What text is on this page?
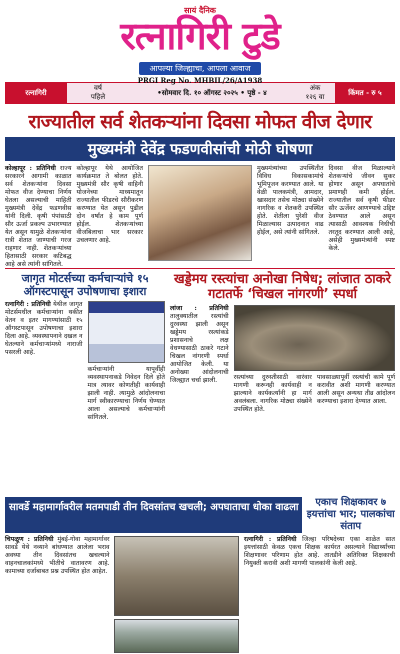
सायं दैनिक
रत्नागिरी टुडे
आपल्या जिल्ह्याचा, आपला आवाज
PRGI Reg No. MHBIL/26/A1938
रत्नागिरी	वर्ष
पहिले	•सोमवार दि. १० ऑगस्ट २०२५ • पृष्ठे - ४	अंक
१२६ वा	किंमत - रु ५
राज्यातील सर्व शेतकऱ्यांना दिवसा मोफत वीज देणार
मुख्यमंत्री देवेंद्र फडणवीसांची मोठी घोषणा
कोल्हापूर : प्रतिनिधी राज्य सरकारने आगामी काळात सर्व शेतकऱ्यांना दिवसा मोफत वीज देण्याचा निर्णय घेतला असल्याची माहिती मुख्यमंत्री देवेंद्र फडणवीस यांनी दिली. कृषी पंपांसाठी सौर ऊर्जा प्रकल्प उभारण्यात येत असून यामुळे शेतकऱ्यांना रात्री शेतात जाण्याची गरज राहणार नाही. शेतकऱ्यांच्या हितासाठी सरकार कटिबद्ध आहे असे त्यांनी सांगितले.
कोल्हापूर येथे आयोजित कार्यक्रमात ते बोलत होते. मुख्यमंत्री सौर कृषी वाहिनी योजनेच्या माध्यमातून राज्यातील फीडरचे सौरीकरण करण्यात येत असून पुढील दोन वर्षांत हे काम पूर्ण होईल. शेतकऱ्यांच्या वीजबिलाचा भार सरकार उचलणार आहे.
मुख्यमंत्र्यांच्या उपस्थितीत विविध विकासकामांचे भूमिपूजन करण्यात आले. या वेळी पालकमंत्री, आमदार, खासदार तसेच मोठ्या संख्येने नागरिक व शेतकरी उपस्थित होते. शेतीला पुरेशी वीज मिळाल्यास उत्पादनात वाढ होईल, असे त्यांनी सांगितले.
दिवसा वीज मिळाल्याने शेतकऱ्यांचे जीवन सुकर होणार असून अपघातांचे प्रमाणही कमी होईल. राज्यातील सर्व कृषी फीडर सौर ऊर्जेवर आणण्याचे उद्दिष्ट ठेवण्यात आले असून त्यासाठी आवश्यक निधीची तरतूद करण्यात आली आहे, असेही मुख्यमंत्र्यांनी स्पष्ट केले.
जागृत मोटर्सच्या कर्मचाऱ्यांचे १५ ऑगस्टपासून उपोषणाचा इशारा
रत्नागिरी : प्रतिनिधी येथील जागृत मोटर्समधील कर्मचाऱ्यांना थकीत वेतन व इतर मागण्यांसाठी १५ ऑगस्टपासून उपोषणाचा इशारा दिला आहे. व्यवस्थापनाने दखल न घेतल्याने कर्मचाऱ्यांमध्ये नाराजी पसरली आहे.
कर्मचाऱ्यांनी यापूर्वीही व्यवस्थापनाकडे निवेदन दिले होते मात्र त्यावर कोणतीही कार्यवाही झाली नाही. त्यामुळे आंदोलनाचा मार्ग स्वीकारण्याचा निर्णय घेण्यात आला असल्याचे कर्मचाऱ्यांनी सांगितले.
खड्डेमय रस्त्यांचा अनोखा निषेध; लांजात ठाकरे गटातर्फे ‘चिखल नांगरणी’ स्पर्धा
लांजा : प्रतिनिधी तालुक्यातील रस्त्यांची दुरवस्था झाली असून खड्डेमय रस्त्यांकडे प्रशासनाचे लक्ष वेधण्यासाठी ठाकरे गटाने चिखल नांगरणी स्पर्धा आयोजित केली. या अनोख्या आंदोलनाची जिल्ह्यात चर्चा झाली.	रस्त्यांच्या दुरुस्तीसाठी वारंवार मागणी करूनही कार्यवाही न झाल्याने कार्यकर्त्यांनी हा मार्ग अवलंबला. नागरिक मोठ्या संख्येने उपस्थित होते.
पावसाळ्यापूर्वी रस्त्यांची कामे पूर्ण करावीत अशी मागणी करण्यात आली असून अन्यथा तीव्र आंदोलन करण्याचा इशारा देण्यात आला.
सावर्डे महामार्गावरील मतमपाडी तीन दिवसांतच खचली; अपघाताचा धोका वाढला	एकाच शिक्षकावर ७ इयत्तांचा भार; पालकांचा संताप
चिपळूण : प्रतिनिधी मुंबई-गोवा महामार्गावर सावर्डे येथे नव्याने बांधण्यात आलेला भराव अवघ्या तीन दिवसांतच खचल्याने वाहनचालकांमध्ये भीतीचे वातावरण आहे. कामाच्या दर्जाबाबत प्रश्न उपस्थित होत आहेत.
रत्नागिरी : प्रतिनिधी जिल्हा परिषदेच्या एका शाळेत सात इयत्तांसाठी केवळ एकच शिक्षक कार्यरत असल्याने विद्यार्थ्यांच्या शिक्षणावर परिणाम होत आहे. तातडीने अतिरिक्त शिक्षकाची नियुक्ती करावी अशी मागणी पालकांनी केली आहे.
